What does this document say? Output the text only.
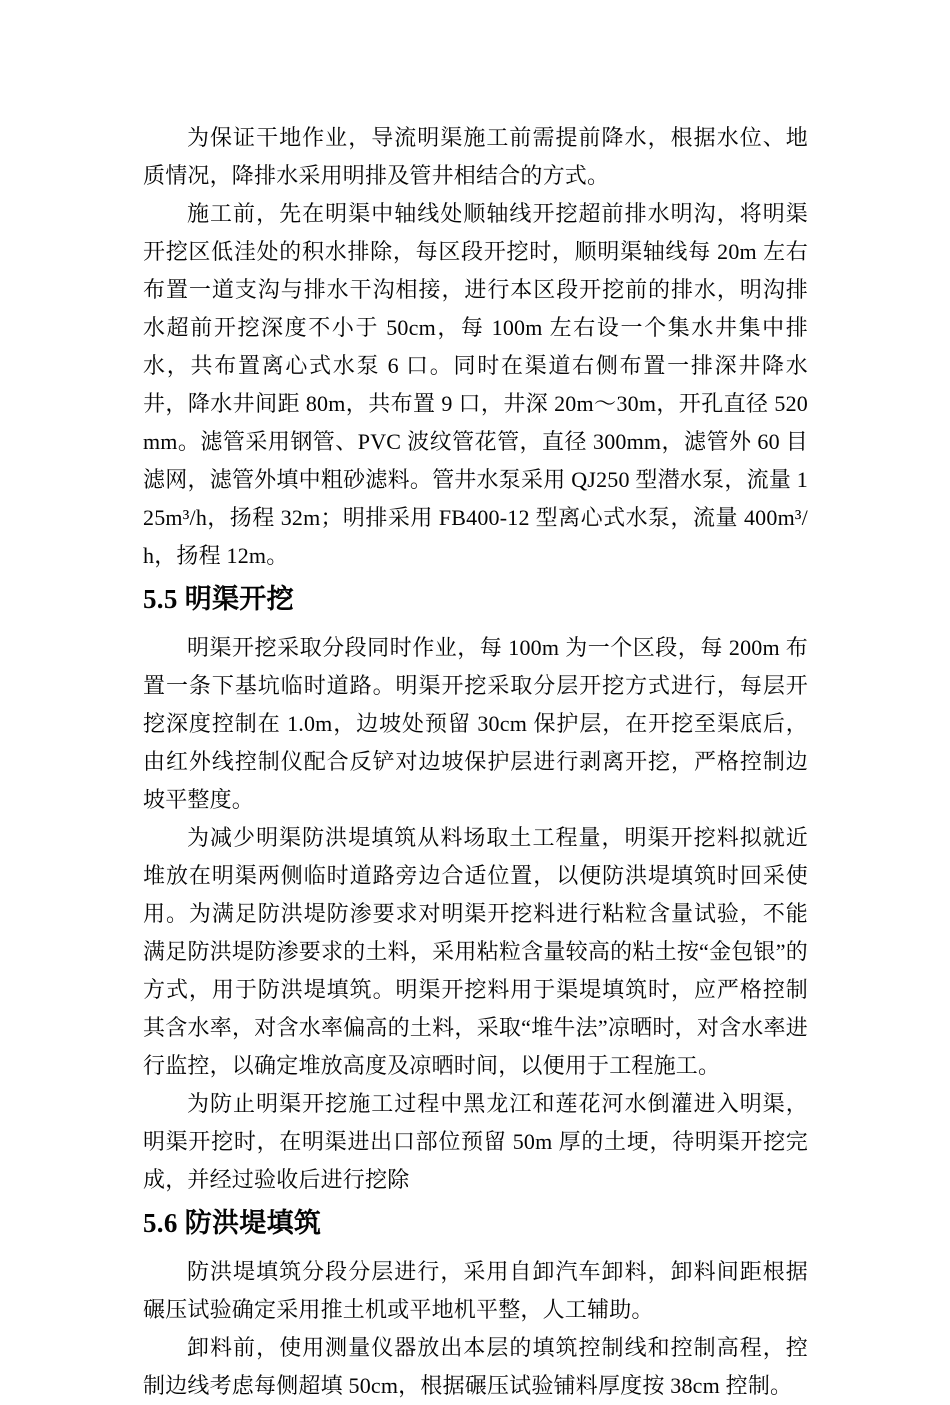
为保证干地作业，导流明渠施工前需提前降水，根据水位、地质情况，降排水采用明排及管井相结合的方式。

施工前，先在明渠中轴线处顺轴线开挖超前排水明沟，将明渠开挖区低洼处的积水排除，每区段开挖时，顺明渠轴线每 20m 左右布置一道支沟与排水干沟相接，进行本区段开挖前的排水，明沟排水超前开挖深度不小于 50cm，每 100m 左右设一个集水井集中排水，共布置离心式水泵 6 口。同时在渠道右侧布置一排深井降水井，降水井间距 80m，共布置 9 口，井深 20m～30m，开孔直径 520mm。滤管采用钢管、PVC 波纹管花管，直径 300mm，滤管外 60 目滤网，滤管外填中粗砂滤料。管井水泵采用 QJ250 型潜水泵，流量 125m³/h，扬程 32m；明排采用 FB400-12 型离心式水泵，流量 400m³/h，扬程 12m。

5.5 明渠开挖

明渠开挖采取分段同时作业，每 100m 为一个区段，每 200m 布置一条下基坑临时道路。明渠开挖采取分层开挖方式进行，每层开挖深度控制在 1.0m，边坡处预留 30cm 保护层，在开挖至渠底后，由红外线控制仪配合反铲对边坡保护层进行剥离开挖，严格控制边坡平整度。

为减少明渠防洪堤填筑从料场取土工程量，明渠开挖料拟就近堆放在明渠两侧临时道路旁边合适位置，以便防洪堤填筑时回采使用。为满足防洪堤防渗要求对明渠开挖料进行粘粒含量试验，不能满足防洪堤防渗要求的土料，采用粘粒含量较高的粘土按“金包银”的方式，用于防洪堤填筑。明渠开挖料用于渠堤填筑时，应严格控制其含水率，对含水率偏高的土料，采取“堆牛法”凉晒时，对含水率进行监控，以确定堆放高度及凉晒时间，以便用于工程施工。

为防止明渠开挖施工过程中黑龙江和莲花河水倒灌进入明渠，明渠开挖时，在明渠进出口部位预留 50m 厚的土埂，待明渠开挖完成，并经过验收后进行挖除

5.6 防洪堤填筑

防洪堤填筑分段分层进行，采用自卸汽车卸料，卸料间距根据碾压试验确定采用推土机或平地机平整，人工辅助。

卸料前，使用测量仪器放出本层的填筑控制线和控制高程，控制边线考虑每侧超填 50cm，根据碾压试验铺料厚度按 38cm 控制。
